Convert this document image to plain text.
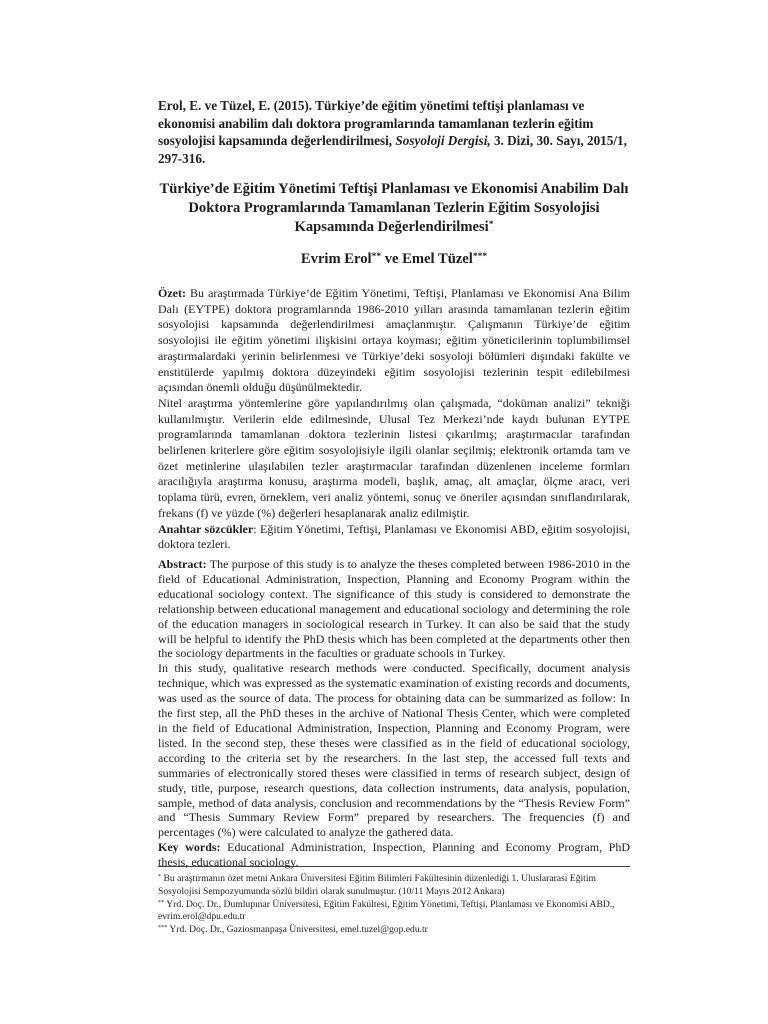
Erol, E. ve Tüzel, E. (2015). Türkiye’de eğitim yönetimi teftişi planlaması ve ekonomisi anabilim dalı doktora programlarında tamamlanan tezlerin eğitim sosyolojisi kapsamında değerlendirilmesi, Sosyoloji Dergisi, 3. Dizi, 30. Sayı, 2015/1, 297-316.
Türkiye’de Eğitim Yönetimi Teftişi Planlaması ve Ekonomisi Anabilim Dalı Doktora Programlarında Tamamlanan Tezlerin Eğitim Sosyolojisi Kapsamında Değerlendirilmesi*
Evrim Erol** ve Emel Tüzel***

Özet: Bu araştırmada Türkiye’de Eğitim Yönetimi, Teftişi, Planlaması ve Ekonomisi Ana Bilim Dalı (EYTPE) doktora programlarında 1986-2010 yılları arasında tamamlanan tezlerin eğitim sosyolojisi kapsamında değerlendirilmesi amaçlanmıştır. Çalışmanın Türkiye’de eğitim sosyolojisi ile eğitim yönetimi ilişkisini ortaya koyması; eğitim yöneticilerinin toplumbilimsel araştırmalardaki yerinin belirlenmesi ve Türkiye’deki sosyoloji bölümleri dışındaki fakülte ve enstitülerde yapılmış doktora düzeyindeki eğitim sosyolojisi tezlerinin tespit edilebilmesi açısından önemli olduğu düşünülmektedir.

Nitel araştırma yöntemlerine göre yapılandırılmış olan çalışmada, “doküman analizi” tekniği kullanılmıştır. Verilerin elde edilmesinde, Ulusal Tez Merkezi’nde kaydı bulunan EYTPE programlarında tamamlanan doktora tezlerinin listesi çıkarılmış; araştırmacılar tarafından belirlenen kriterlere göre eğitim sosyolojisiyle ilgili olanlar seçilmiş; elektronik ortamda tam ve özet metinlerine ulaşılabilen tezler araştırmacılar tarafından düzenlenen inceleme formları aracılığıyla araştırma konusu, araştırma modeli, başlık, amaç, alt amaçlar, ölçme aracı, veri toplama türü, evren, örneklem, veri analiz yöntemi, sonuç ve öneriler açısından sınıflandırılarak, frekans (f) ve yüzde (%) değerleri hesaplanarak analiz edilmiştir.

Anahtar sözcükler: Eğitim Yönetimi, Teftişi, Planlaması ve Ekonomisi ABD, eğitim sosyolojisi, doktora tezleri.

Abstract: The purpose of this study is to analyze the theses completed between 1986-2010 in the field of Educational Administration, Inspection, Planning and Economy Program within the educational sociology context. The significance of this study is considered to demonstrate the relationship between educational management and educational sociology and determining the role of the education managers in sociological research in Turkey. It can also be said that the study will be helpful to identify the PhD thesis which has been completed at the departments other then the sociology departments in the faculties or graduate schools in Turkey.

In this study, qualitative research methods were conducted. Specifically, document analysis technique, which was expressed as the systematic examination of existing records and documents, was used as the source of data. The process for obtaining data can be summarized as follow: In the first step, all the PhD theses in the archive of National Thesis Center, which were completed in the field of Educational Administration, Inspection, Planning and Economy Program, were listed. In the second step, these theses were classified as in the field of educational sociology, according to the criteria set by the researchers. In the last step, the accessed full texts and summaries of electronically stored theses were classified in terms of research subject, design of study, title, purpose, research questions, data collection instruments, data analysis, population, sample, method of data analysis, conclusion and recommendations by the “Thesis Review Form” and “Thesis Summary Review Form” prepared by researchers. The frequencies (f) and percentages (%) were calculated to analyze the gathered data.

Key words: Educational Administration, Inspection, Planning and Economy Program, PhD thesis, educational sociology.

* Bu araştırmanın özet metni Ankara Üniversitesi Eğitim Bilimleri Fakültesinin düzenlediği 1. Uluslararası Eğitim Sosyolojisi Sempozyumunda sözlü bildiri olarak sunulmuştur. (10/11 Mayıs 2012 Ankara)

** Yrd. Doç. Dr., Dumlupınar Üniversitesi, Eğitim Fakültesi, Eğitim Yönetimi, Teftişi, Planlaması ve Ekonomisi ABD., evrim.erol@dpu.edu.tr

*** Yrd. Doç. Dr., Gaziosmanpaşa Üniversitesi, emel.tuzel@gop.edu.tr
